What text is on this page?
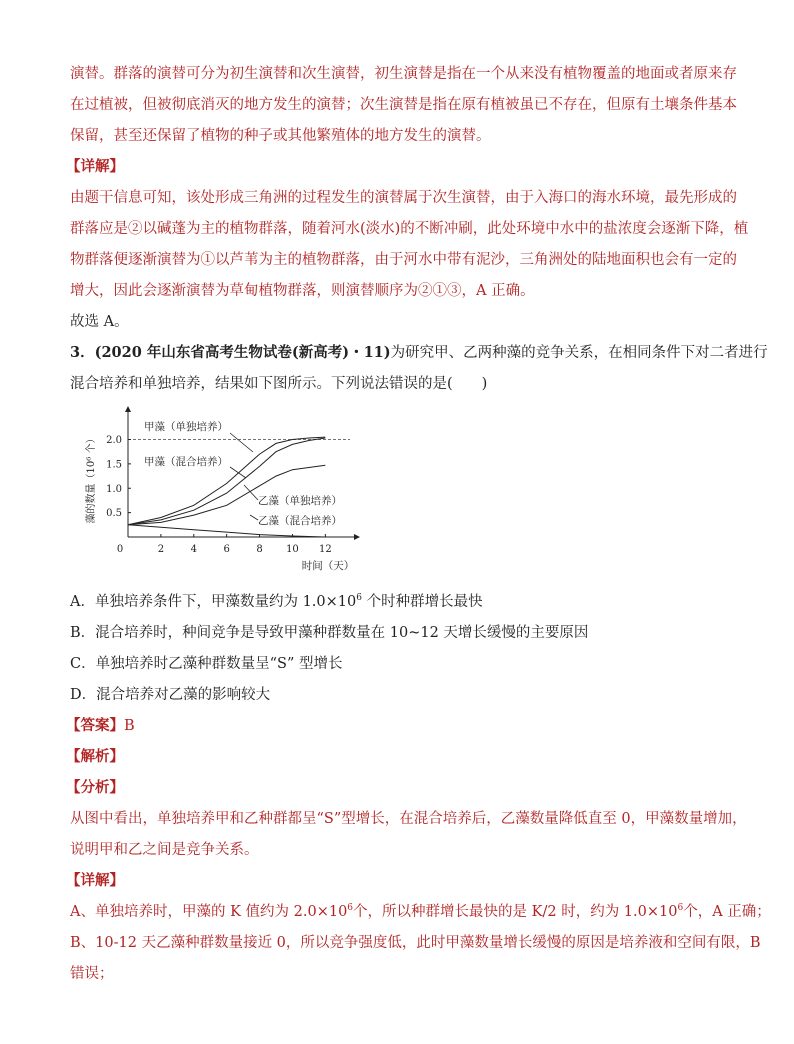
演替。群落的演替可分为初生演替和次生演替，初生演替是指在一个从来没有植物覆盖的地面或者原来存
在过植被，但被彻底消灭的地方发生的演替；次生演替是指在原有植被虽已不存在，但原有土壤条件基本
保留，甚至还保留了植物的种子或其他繁殖体的地方发生的演替。
【详解】
由题干信息可知，该处形成三角洲的过程发生的演替属于次生演替，由于入海口的海水环境，最先形成的
群落应是②以碱蓬为主的植物群落，随着河水(淡水)的不断冲刷，此处环境中水中的盐浓度会逐渐下降，植
物群落便逐渐演替为①以芦苇为主的植物群落，由于河水中带有泥沙，三角洲处的陆地面积也会有一定的
增大，因此会逐渐演替为草甸植物群落，则演替顺序为②①③，A 正确。
故选 A。
3．(2020 年山东省高考生物试卷(新高考)・11)为研究甲、乙两种藻的竞争关系，在相同条件下对二者进行
混合培养和单独培养，结果如下图所示。下列说法错误的是(　　)
0	2	4	6	8 10 12
0.5
1.0
1.5
2.0
甲藻（单独培养）
甲藻（混合培养）
乙藻（单独培养）
乙藻（混合培养）
时间（天）
藻的数量（10⁶ 个）
A．单独培养条件下，甲藻数量约为 $1.0\times 10^6$ 个时种群增长最快
B．混合培养时，种间竞争是导致甲藻种群数量在 10~12 天增长缓慢的主要原因
C．单独培养时乙藻种群数量呈“S” 型增长
D．混合培养对乙藻的影响较大
【答案】B
【解析】
【分析】
从图中看出，单独培养甲和乙种群都呈“S”型增长，在混合培养后，乙藻数量降低直至 0，甲藻数量增加，
说明甲和乙之间是竞争关系。
【详解】
A、单独培养时，甲藻的 K 值约为 $2.0\times 10^6$个，所以种群增长最快的是 K/2 时，约为 $1.0\times 10^6$个，A 正确；
B、10-12 天乙藻种群数量接近 0，所以竞争强度低，此时甲藻数量增长缓慢的原因是培养液和空间有限，B
错误；
